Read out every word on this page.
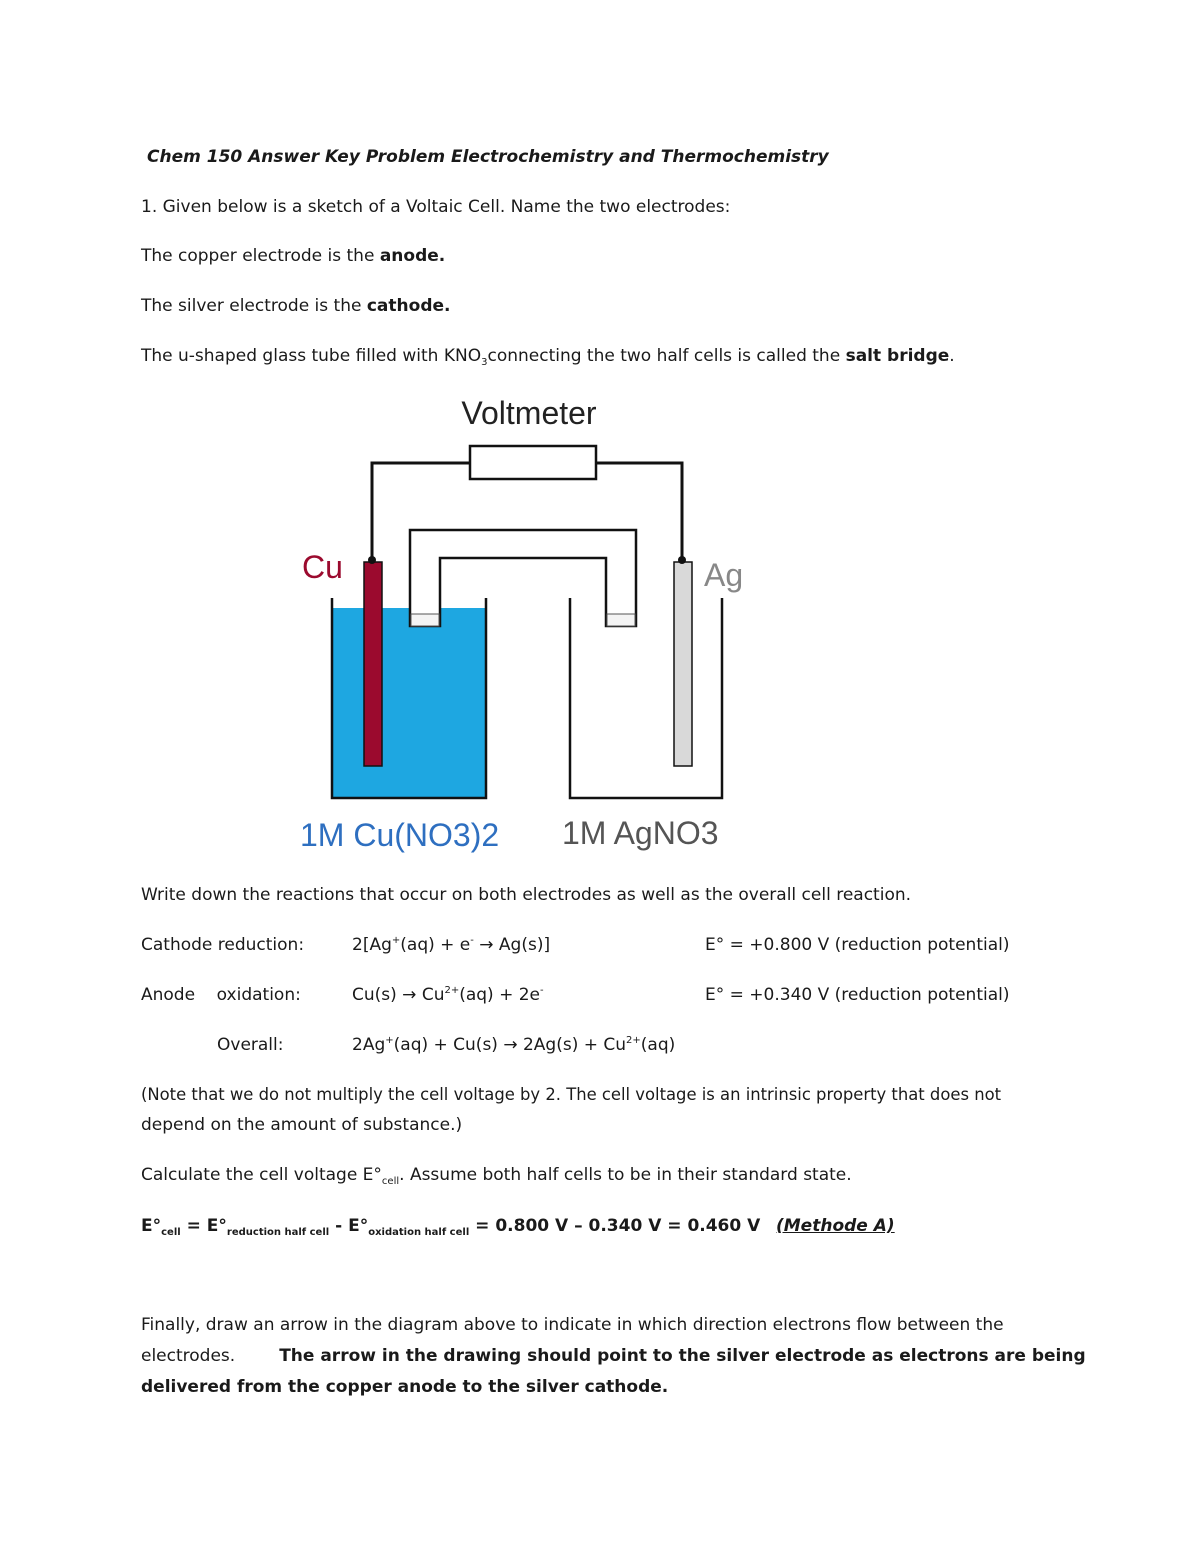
Chem 150 Answer Key Problem Electrochemistry and Thermochemistry
1. Given below is a sketch of a Voltaic Cell. Name the two electrodes:
The copper electrode is the anode.
The silver electrode is the cathode.
The u-shaped glass tube filled with $KNO_3connecting$ the two half cells is called the salt bridge.
Voltmeter
Cu	Ag
1M Cu(NO3)2 1M AgNO3
Write down the reactions that occur on both electrodes as well as the overall cell reaction.
Cathode reduction:	2[Ag+(aq) + e- → Ag(s)]	E° = +0.800 V (reduction potential)
Anode    oxidation:	$Cu(s) \to Cu^{2+}(aq) + 2e^-$	E° = +0.340 V (reduction potential)
Overall:	$2Ag^+(aq) + Cu(s) \to 2Ag(s) + Cu^{2+}(aq)$
(Note that we do not multiply the cell voltage by 2. The cell voltage is an intrinsic property that does not
depend on the amount of substance.)
Calculate the cell voltage $E^\circ_{cell}$. Assume both half cells to be in their standard state.
$E^\circ_{cell} = E^\circ_{reduction half cell} - E^\circ_{oxidation half cell} = 0.800$ V – 0.340 V = 0.460 V (Methode A)
Finally, draw an arrow in the diagram above to indicate in which direction electrons flow between the
electrodes.	The arrow in the drawing should point to the silver electrode as electrons are being
delivered from the copper anode to the silver cathode.
